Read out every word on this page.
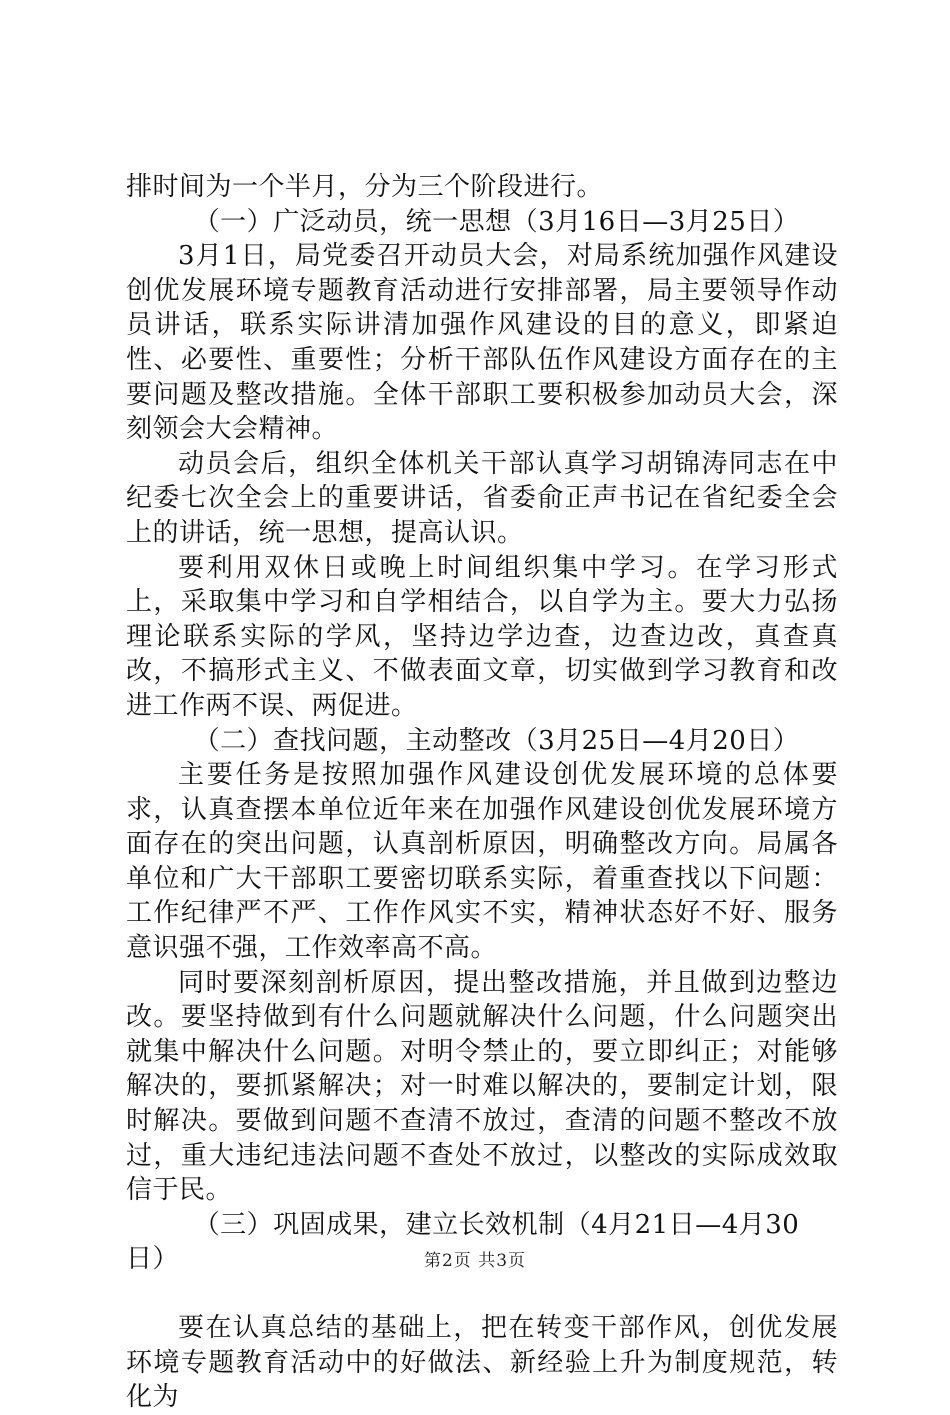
排时间为一个半月，分为三个阶段进行。

（一）广泛动员，统一思想（3月16日—3月25日）

3月1日，局党委召开动员大会，对局系统加强作风建设创优发展环境专题教育活动进行安排部署，局主要领导作动员讲话，联系实际讲清加强作风建设的目的意义，即紧迫性、必要性、重要性；分析干部队伍作风建设方面存在的主要问题及整改措施。全体干部职工要积极参加动员大会，深刻领会大会精神。

动员会后，组织全体机关干部认真学习胡锦涛同志在中纪委七次全会上的重要讲话，省委俞正声书记在省纪委全会上的讲话，统一思想，提高认识。

要利用双休日或晚上时间组织集中学习。在学习形式上，采取集中学习和自学相结合，以自学为主。要大力弘扬理论联系实际的学风，坚持边学边查，边查边改，真查真改，不搞形式主义、不做表面文章，切实做到学习教育和改进工作两不误、两促进。

（二）查找问题，主动整改（3月25日—4月20日）

主要任务是按照加强作风建设创优发展环境的总体要求，认真查摆本单位近年来在加强作风建设创优发展环境方面存在的突出问题，认真剖析原因，明确整改方向。局属各单位和广大干部职工要密切联系实际，着重查找以下问题：工作纪律严不严、工作作风实不实，精神状态好不好、服务意识强不强，工作效率高不高。

同时要深刻剖析原因，提出整改措施，并且做到边整边改。要坚持做到有什么问题就解决什么问题，什么问题突出就集中解决什么问题。对明令禁止的，要立即纠正；对能够解决的，要抓紧解决；对一时难以解决的，要制定计划，限时解决。要做到问题不查清不放过，查清的问题不整改不放过，重大违纪违法问题不查处不放过，以整改的实际成效取信于民。

（三）巩固成果，建立长效机制（4月21日—4月30日）

要在认真总结的基础上，把在转变干部作风，创优发展环境专题教育活动中的好做法、新经验上升为制度规范，转化为

第2页 共3页
